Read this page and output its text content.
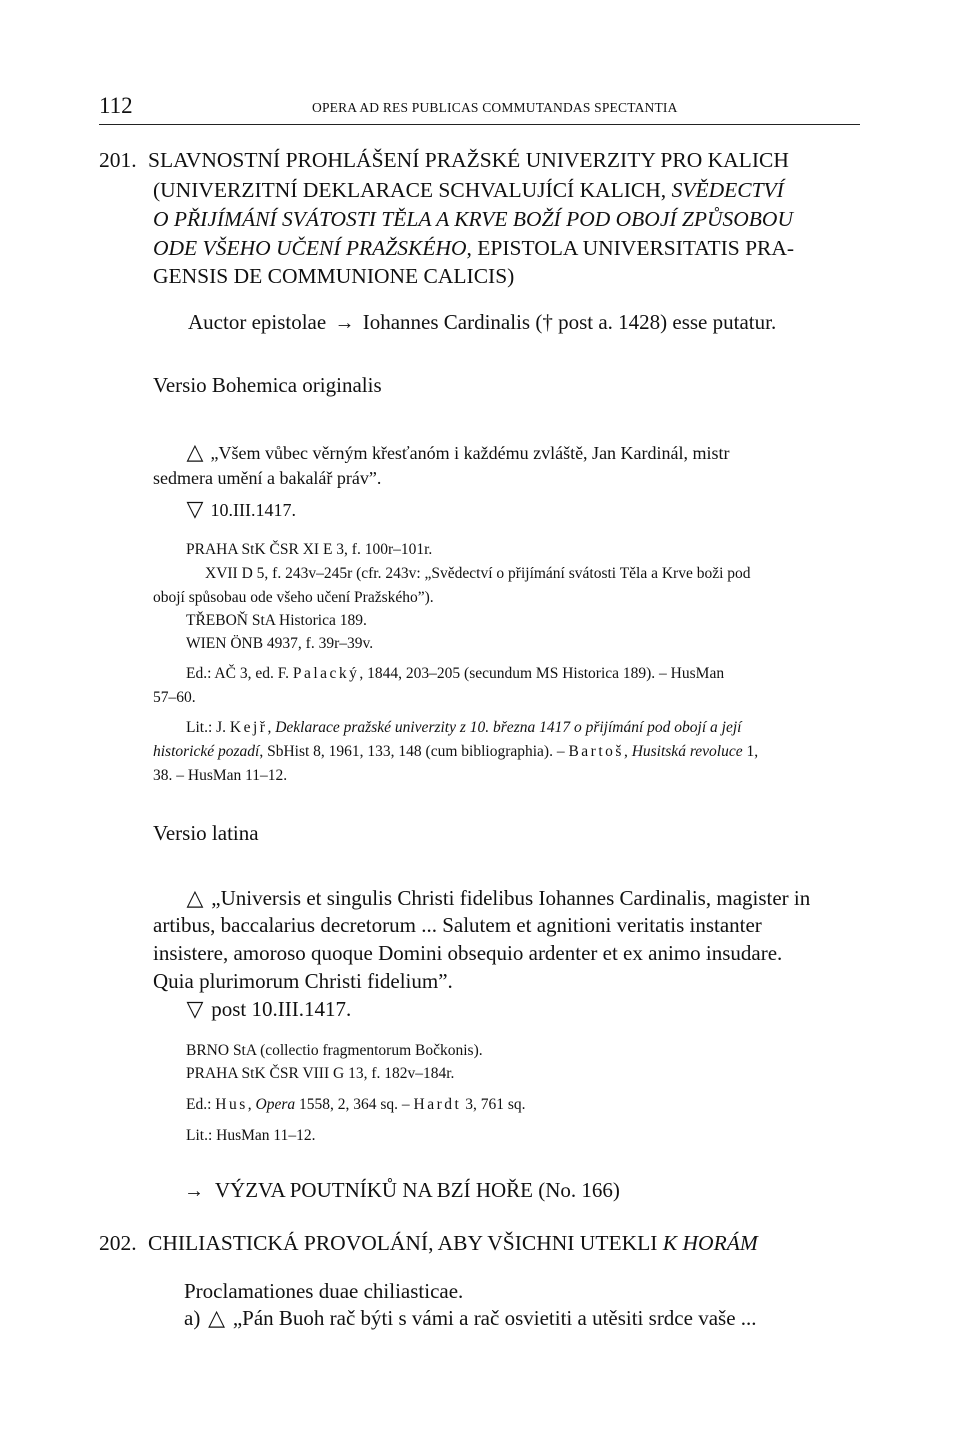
112	OPERA AD RES PUBLICAS COMMUTANDAS SPECTANTIA
201. SLAVNOSTNÍ PROHLÁŠENÍ PRAŽSKÉ UNIVERZITY PRO KALICH
(UNIVERZITNÍ DEKLARACE SCHVALUJÍCÍ KALICH, SVĚDECTVÍ
O PŘIJÍMÁNÍ SVÁTOSTI TĚLA A KRVE BOŽÍ POD OBOJÍ ZPŮSOBOU
ODE VŠEHO UČENÍ PRAŽSKÉHO, EPISTOLA UNIVERSITATIS PRA-
GENSIS DE COMMUNIONE CALICIS)
Auctor epistolae → Iohannes Cardinalis († post a. 1428) esse putatur.
Versio Bohemica originalis
△ „Všem vůbec věrným křesťanóm i každému zvláště, Jan Kardinál, mistr
sedmera umění a bakalář práv”.
▽ 10.III.1417.
PRAHA StK ČSR XI E 3, f. 100r–101r.
XVII D 5, f. 243v–245r (cfr. 243v: „Svědectví o přijímání svátosti Těla a Krve boži pod
obojí spůsobau ode všeho učení Pražského”).
TŘEBOŇ StA Historica 189.
WIEN ÖNB 4937, f. 39r–39v.
Ed.: AČ 3, ed. F. Palacký, 1844, 203–205 (secundum MS Historica 189). – HusMan
57–60.
Lit.: J. Kejř, Deklarace pražské univerzity z 10. března 1417 o přijímání pod obojí a její
historické pozadí, SbHist 8, 1961, 133, 148 (cum bibliographia). – Bartoš, Husitská revoluce 1,
38. – HusMan 11–12.
Versio latina
△ „Universis et singulis Christi fidelibus Iohannes Cardinalis, magister in
artibus, baccalarius decretorum ... Salutem et agnitioni veritatis instanter
insistere, amoroso quoque Domini obsequio ardenter et ex animo insudare.
Quia plurimorum Christi fidelium”.
▽ post 10.III.1417.
BRNO StA (collectio fragmentorum Bočkonis).
PRAHA StK ČSR VIII G 13, f. 182v–184r.
Ed.: Hus, Opera 1558, 2, 364 sq. – Hardt 3, 761 sq.
Lit.: HusMan 11–12.
→ VÝZVA POUTNÍKŮ NA BZÍ HOŘE (No. 166)
202. CHILIASTICKÁ PROVOLÁNÍ, ABY VŠICHNI UTEKLI K HORÁM
Proclamationes duae chiliasticae.
a) △ „Pán Buoh rač býti s vámi a rač osvietiti a utěsiti srdce vaše ...
